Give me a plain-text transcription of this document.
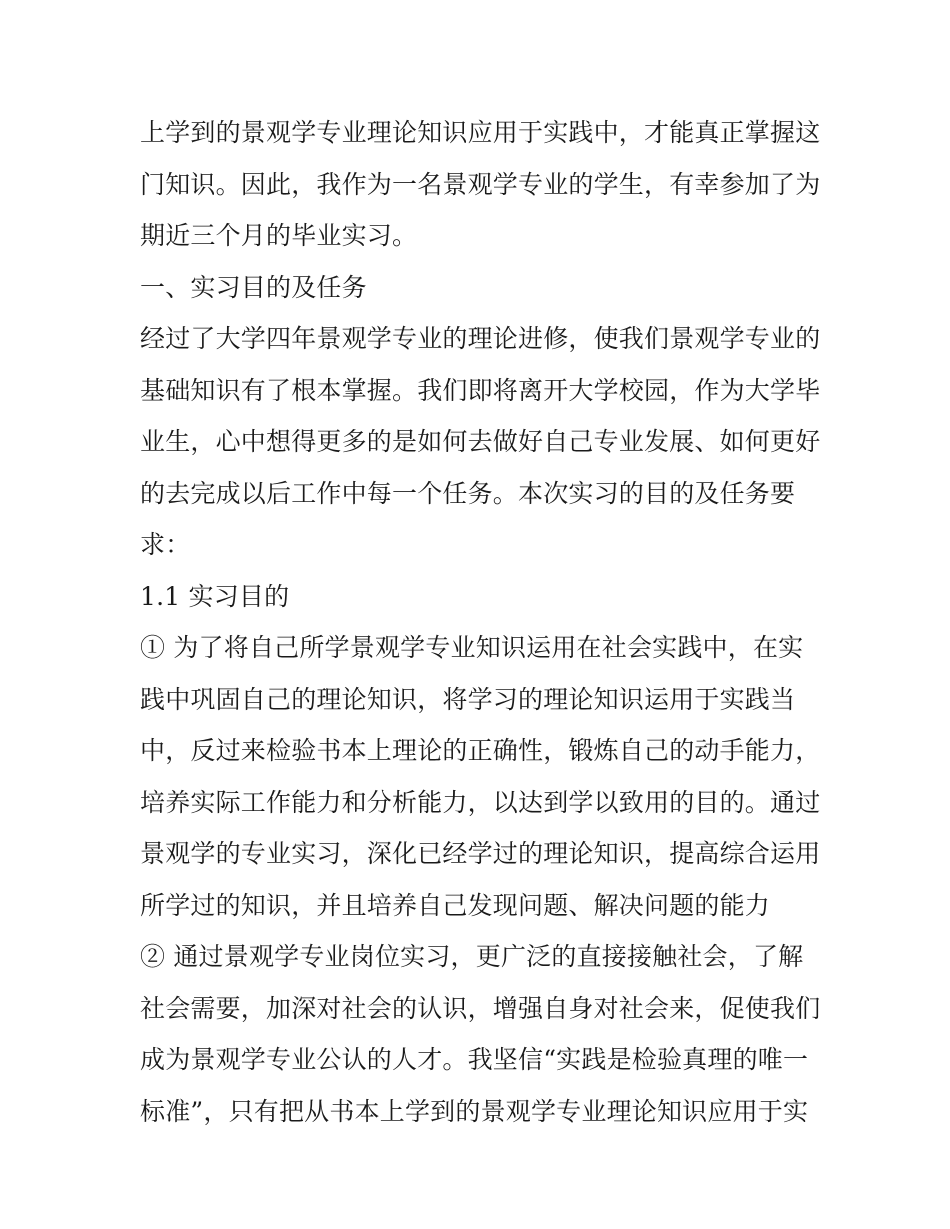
上学到的景观学专业理论知识应用于实践中，才能真正掌握这
门知识。因此，我作为一名景观学专业的学生，有幸参加了为
期近三个月的毕业实习。
一、实习目的及任务
经过了大学四年景观学专业的理论进修，使我们景观学专业的
基础知识有了根本掌握。我们即将离开大学校园，作为大学毕
业生，心中想得更多的是如何去做好自己专业发展、如何更好
的去完成以后工作中每一个任务。本次实习的目的及任务要
求：
1.1 实习目的
① 为了将自己所学景观学专业知识运用在社会实践中，在实
践中巩固自己的理论知识，将学习的理论知识运用于实践当
中，反过来检验书本上理论的正确性，锻炼自己的动手能力，
培养实际工作能力和分析能力，以达到学以致用的目的。通过
景观学的专业实习，深化已经学过的理论知识，提高综合运用
所学过的知识，并且培养自己发现问题、解决问题的能力
② 通过景观学专业岗位实习，更广泛的直接接触社会，了解
社会需要，加深对社会的认识，增强自身对社会来，促使我们
成为景观学专业公认的人才。我坚信“实践是检验真理的唯一
标准”，只有把从书本上学到的景观学专业理论知识应用于实
